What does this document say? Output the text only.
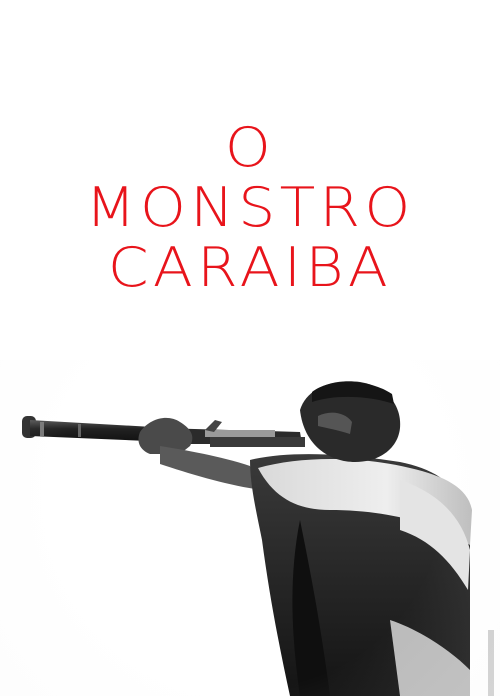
O
MONSTRO
CARAIBA
